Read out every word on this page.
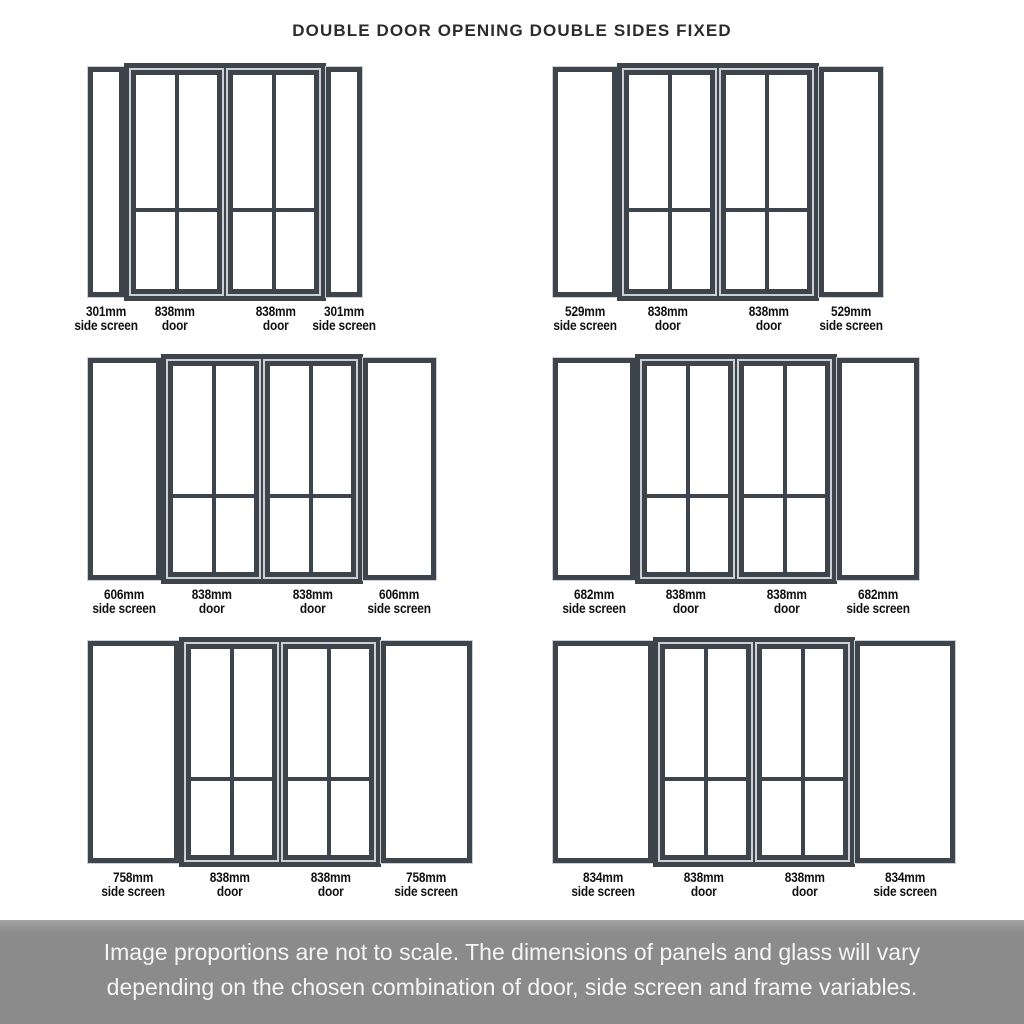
DOUBLE DOOR OPENING DOUBLE SIDES FIXED
301mm
side screen
838mm
door
838mm
door
301mm
side screen
606mm
side screen
838mm
door
838mm
door
606mm
side screen
758mm
side screen
838mm
door
838mm
door
758mm
side screen
529mm
side screen
838mm
door
838mm
door
529mm
side screen
682mm
side screen
838mm
door
838mm
door
682mm
side screen
834mm
side screen
838mm
door
838mm
door
834mm
side screen
Image proportions are not to scale. The dimensions of panels and glass will vary
depending on the chosen combination of door, side screen and frame variables.
